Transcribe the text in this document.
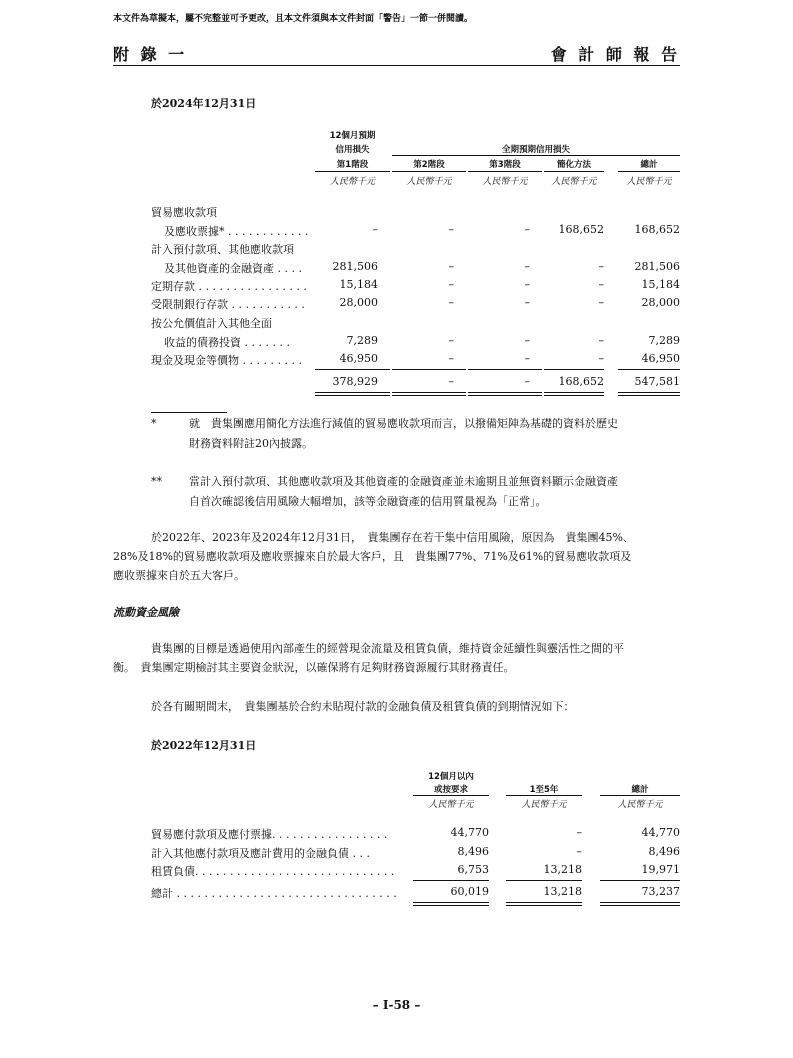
本文件為草擬本，屬不完整並可予更改，且本文件須與本文件封面「警告」一節一併閱讀。
附 錄 一	會 計 師 報 告
於2024年12月31日
12個月預期
信用損失	全期預期信用損失
第1階段	第2階段	第3階段	簡化方法	總計
人民幣千元	人民幣千元	人民幣千元	人民幣千元	人民幣千元
貿易應收款項
及應收票據* . . . . . . . . . . . .	–	–	–	168,652	168,652
計入預付款項、其他應收款項
及其他資產的金融資產 . . . .	281,506	–	–	–	281,506
定期存款 . . . . . . . . . . . . . . . .	15,184	–	–	–	15,184
受限制銀行存款 . . . . . . . . . . .	28,000	–	–	–	28,000
按公允價值計入其他全面
收益的債務投資 . . . . . . .	7,289	–	–	–	7,289
現金及現金等價物 . . . . . . . . .	46,950	–	–	–	46,950
378,929	–	–	168,652	547,581
*	就　貴集團應用簡化方法進行減值的貿易應收款項而言，以撥備矩陣為基礎的資料於歷史
財務資料附註20內披露。
** 當計入預付款項、其他應收款項及其他資產的金融資產並未逾期且並無資料顯示金融資產
自首次確認後信用風險大幅增加，該等金融資產的信用質量視為「正常」。
於2022年、2023年及2024年12月31日，　貴集團存在若干集中信用風險，原因為　貴集團45%、
28%及18%的貿易應收款項及應收票據來自於最大客戶，且　貴集團77%、71%及61%的貿易應收款項及
應收票據來自於五大客戶。
流動資金風險
貴集團的目標是透過使用內部產生的經營現金流量及租賃負債，維持資金延續性與靈活性之間的平
衡。　貴集團定期檢討其主要資金狀況，以確保將有足夠財務資源履行其財務責任。
於各有關期間末，　貴集團基於合約未貼現付款的金融負債及租賃負債的到期情況如下：
於2022年12月31日
12個月以內
或按要求	1至5年	總計
人民幣千元	人民幣千元	人民幣千元
貿易應付款項及應付票據. . . . . . . . . . . . . . . . .	44,770	–	44,770
計入其他應付款項及應計費用的金融負債 . . .	8,496	–	8,496
租賃負債. . . . . . . . . . . . . . . . . . . . . . . . . . . . .	6,753	13,218	19,971
總計 . . . . . . . . . . . . . . . . . . . . . . . . . . . . . . . .	60,019	13,218	73,237
– I-58 –
